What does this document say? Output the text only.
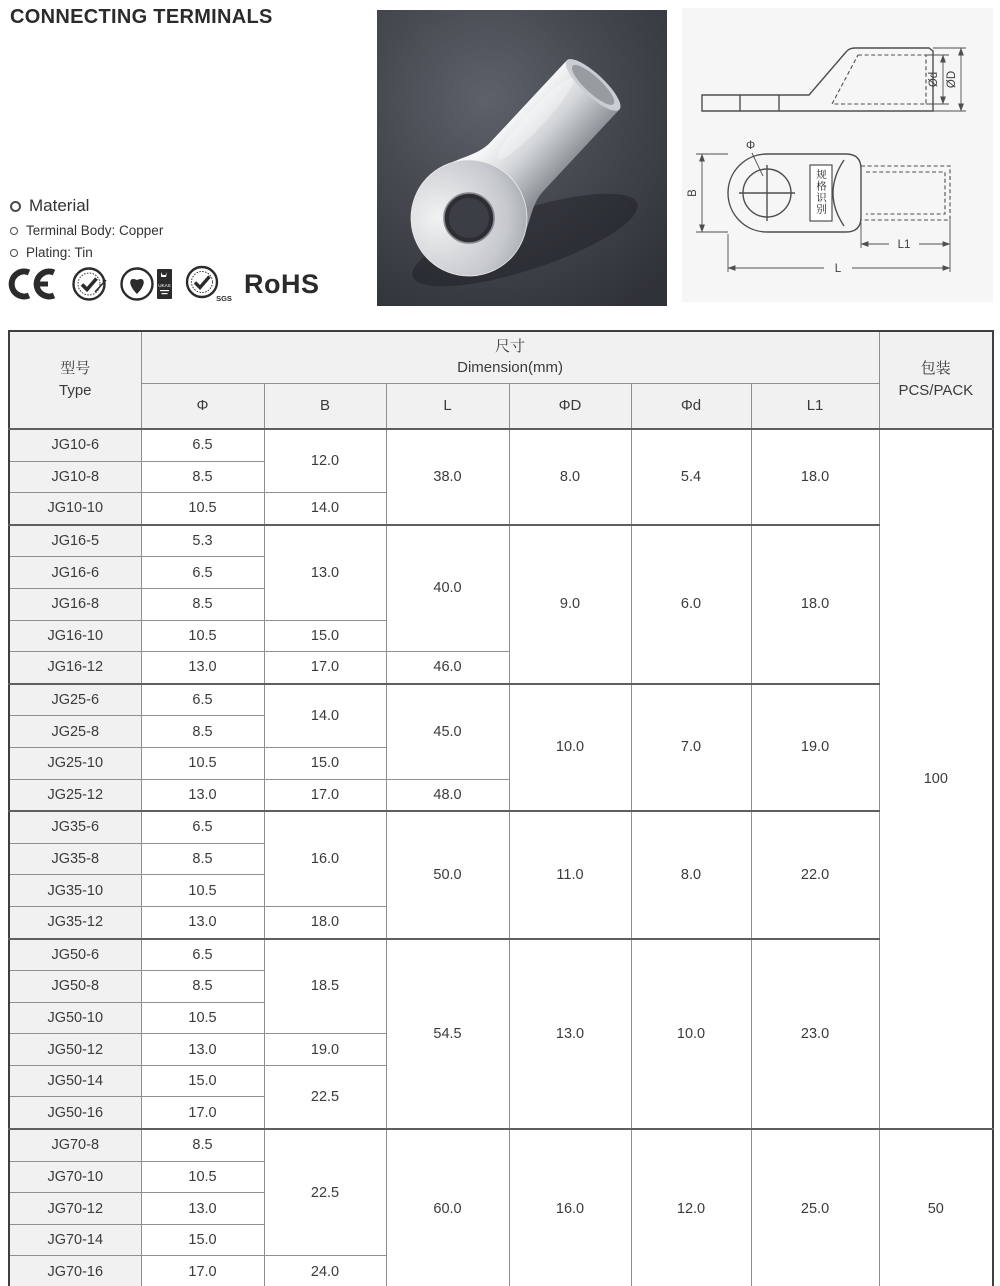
CONNECTING TERMINALS
Material
Terminal Body: Copper
Plating: Tin
UKAS
SGS RoHS
Ød ØD
规格识别
Φ
B
L1
L
型号
Type

尺寸
Dimension(mm)	包装
PCS/PACK

	Φ	B	L	ΦD	Φd	L1	
JG10-6	6.5	12.0	38.0	8.0	5.4	18.0	100
JG10-8	8.5						
JG10-10	10.5	14.0					
JG16-5	5.3	13.0	40.0	9.0	6.0	18.0	
JG16-6	6.5						
JG16-8	8.5						
JG16-10	10.5	15.0					
JG16-12	13.0	17.0	46.0				
JG25-6	6.5	14.0	45.0	10.0	7.0	19.0	
JG25-8	8.5						
JG25-10	10.5	15.0					
JG25-12	13.0	17.0	48.0				
JG35-6	6.5	16.0	50.0	11.0	8.0	22.0	
JG35-8	8.5						
JG35-10	10.5						
JG35-12	13.0	18.0					
JG50-6	6.5	18.5	54.5	13.0	10.0	23.0	
JG50-8	8.5						
JG50-10	10.5						
JG50-12	13.0	19.0					
JG50-14	15.0	22.5					
JG50-16	17.0						
JG70-8	8.5	22.5	60.0	16.0	12.0	25.0	50
JG70-10	10.5						
JG70-12	13.0						
JG70-14	15.0						
JG70-16	17.0	24.0					
